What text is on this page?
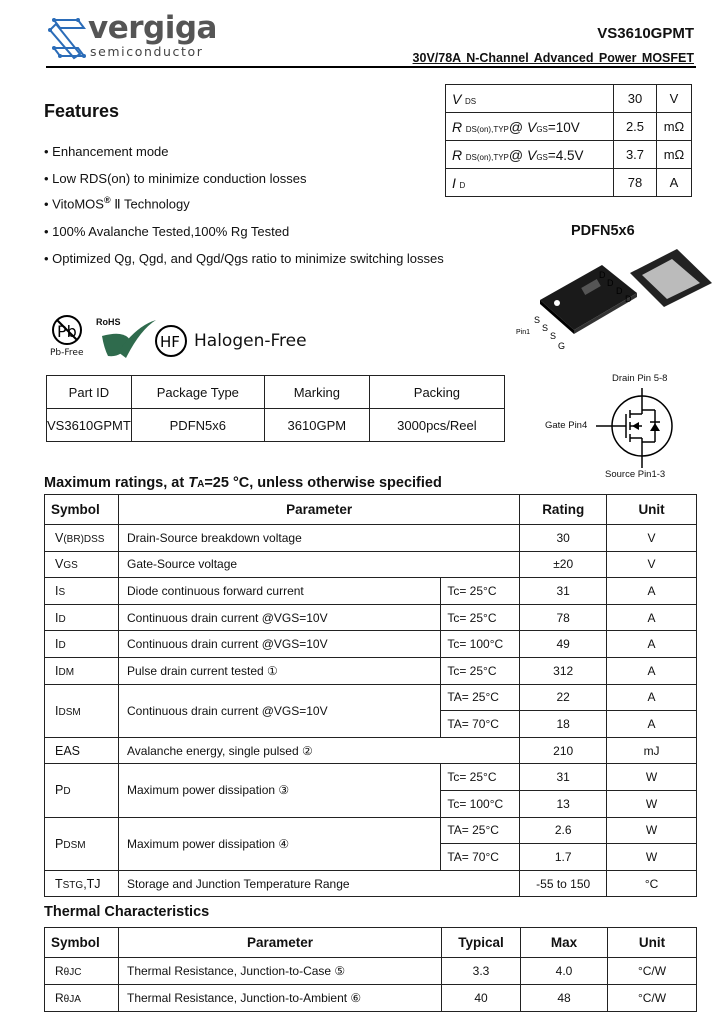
vergiga
semiconductor
VS3610GPMT
30V/78A N-Channel Advanced Power MOSFET
Features
• Enhancement mode
• Low RDS(on) to minimize conduction losses
• VitoMOS® Ⅱ Technology
• 100% Avalanche Tested,100% Rg Tested
• Optimized Qg, Qgd, and Qgd/Qgs ratio to minimize switching losses
V DS	30	V
R DS(on),TYP@ VGS=10V	2.5	mΩ
R DS(on),TYP@ VGS=4.5V	3.7	mΩ
I D	78	A
PDFN5x6
D
D
D
D
S
S
S
G
Pin1
Pb
Pb-Free
RoHS
HF Halogen-Free
Part ID	Package Type	Marking	Packing
VS3610GPMT	PDFN5x6	3610GPM	3000pcs/Reel
Drain Pin 5-8
Gate Pin4
Source Pin1-3
Maximum ratings, at TA=25 °C, unless otherwise specified
Symbol	Parameter		Rating	Unit
V(BR)DSS	Drain-Source breakdown voltage		30	V
VGS	Gate-Source voltage		±20	V
IS	Diode continuous forward current	Tc= 25°C	31	A
ID	Continuous drain current @VGS=10V	Tc= 25°C	78	A
ID	Continuous drain current @VGS=10V	Tc= 100°C	49	A
IDM	Pulse drain current tested ①	Tc= 25°C	312	A
IDSM	Continuous drain current @VGS=10V	TA= 25°C	22	A
		TA= 70°C	18	A
EAS	Avalanche energy, single pulsed ②		210	mJ
PD	Maximum power dissipation ③	Tc= 25°C	31	W
		Tc= 100°C	13	W
PDSM	Maximum power dissipation ④	TA= 25°C	2.6	W
		TA= 70°C	1.7	W
TSTG,TJ	Storage and Junction Temperature Range		-55 to 150	°C
Thermal Characteristics
Symbol	Parameter	Typical	Max	Unit
RθJC	Thermal Resistance, Junction-to-Case ⑤	3.3	4.0	°C/W
RθJA	Thermal Resistance, Junction-to-Ambient ⑥	40	48	°C/W
